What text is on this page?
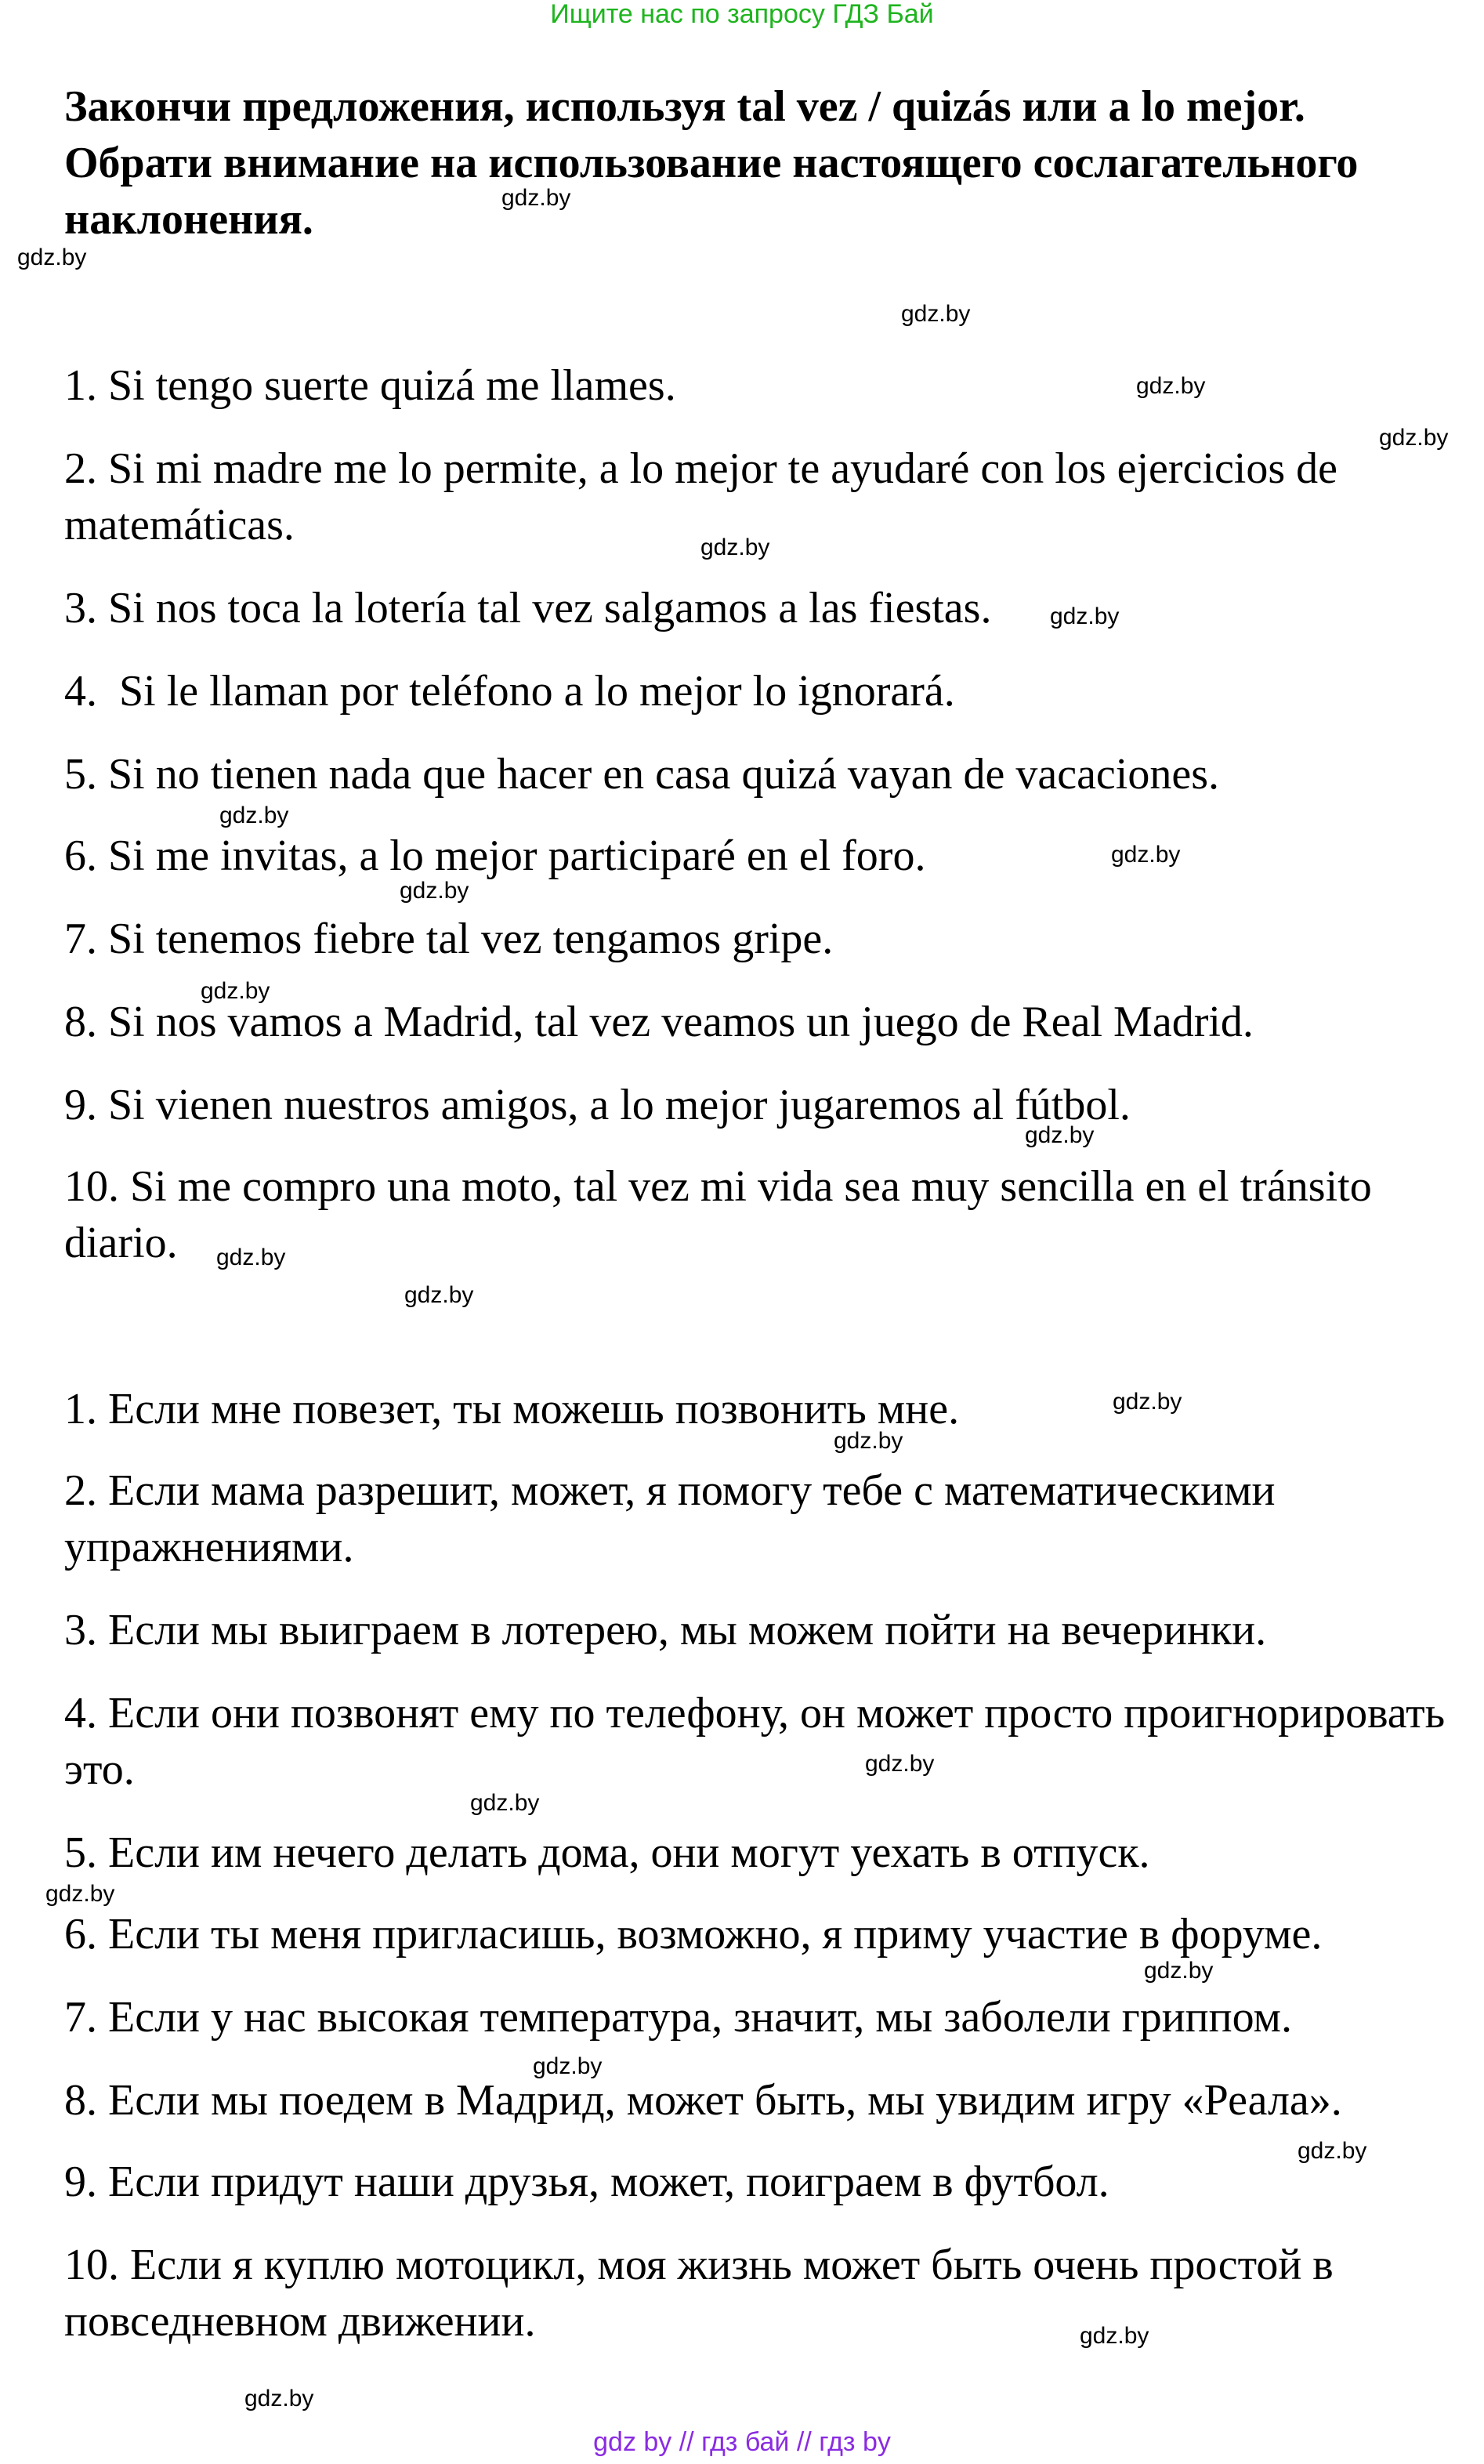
Ищите нас по запросу ГДЗ Бай
Закончи предложения, используя tal vez / quizás или a lo mejor. Обрати внимание на использование настоящего сослагательного наклонения.
1. Si tengo suerte quizá me llames.
2. Si mi madre me lo permite, a lo mejor te ayudaré con los ejercicios de matemáticas.
3. Si nos toca la lotería tal vez salgamos a las fiestas.
4.  Si le llaman por teléfono a lo mejor lo ignorará.
5. Si no tienen nada que hacer en casa quizá vayan de vacaciones.
6. Si me invitas, a lo mejor participaré en el foro.
7. Si tenemos fiebre tal vez tengamos gripe.
8. Si nos vamos a Madrid, tal vez veamos un juego de Real Madrid.
9. Si vienen nuestros amigos, a lo mejor jugaremos al fútbol.
10. Si me compro una moto, tal vez mi vida sea muy sencilla en el tránsito diario.
1. Если мне повезет, ты можешь позвонить мне.
2. Если мама разрешит, может, я помогу тебе с математическими упражнениями.
3. Если мы выиграем в лотерею, мы можем пойти на вечеринки.
4. Если они позвонят ему по телефону, он может просто проигнорировать это.
5. Если им нечего делать дома, они могут уехать в отпуск.
6. Если ты меня пригласишь, возможно, я приму участие в форуме.
7. Если у нас высокая температура, значит, мы заболели гриппом.
8. Если мы поедем в Мадрид, может быть, мы увидим игру «Реала».
9. Если придут наши друзья, может, поиграем в футбол.
10. Если я куплю мотоцикл, моя жизнь может быть очень простой в повседневном движении.
gdz.by
gdz.by
gdz.by
gdz.by
gdz.by
gdz.by
gdz.by
gdz.by
gdz.by
gdz.by
gdz.by
gdz.by
gdz.by
gdz.by
gdz.by
gdz.by
gdz.by
gdz.by
gdz.by
gdz.by
gdz.by
gdz.by
gdz.by
gdz.by
gdz by // гдз бай // гдз by
